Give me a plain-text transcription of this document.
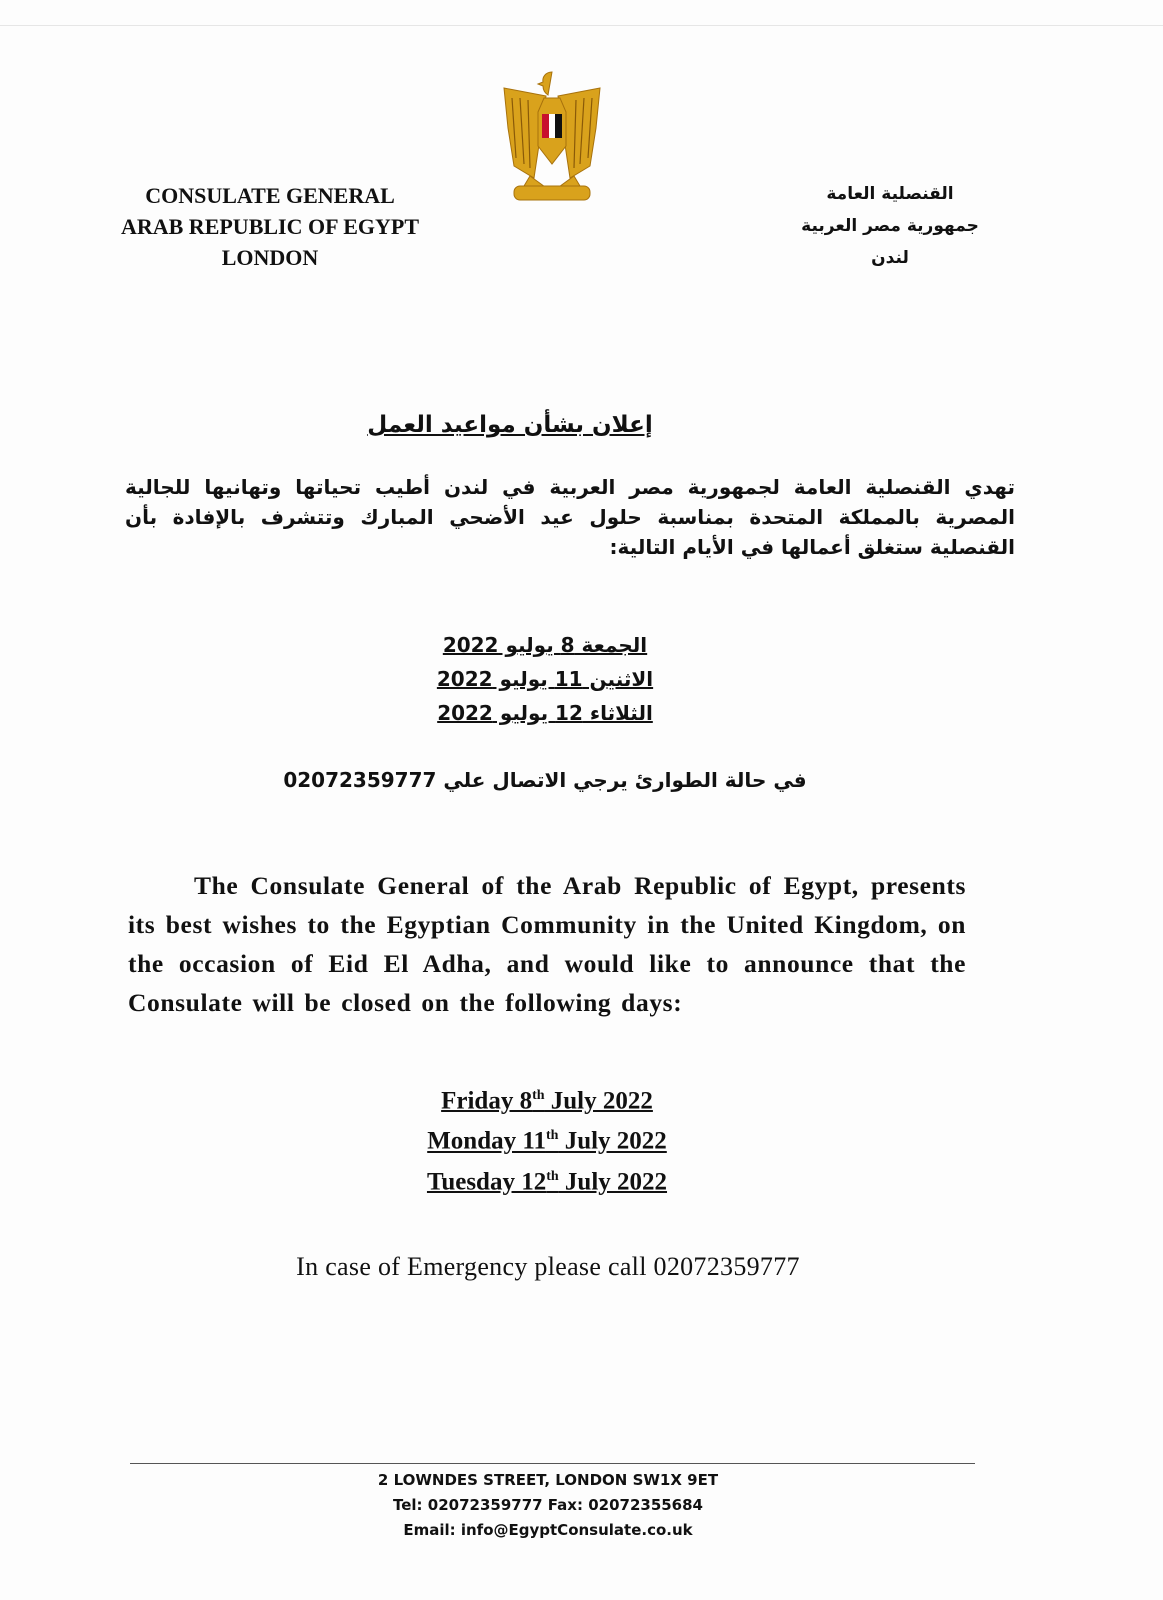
CONSULATE GENERAL
ARAB REPUBLIC OF EGYPT
LONDON
القنصلية العامة
جمهورية مصر العربية
لندن
إعلان بشأن مواعيد العمل
تهدي القنصلية العامة لجمهورية مصر العربية في لندن أطيب تحياتها وتهانيها للجالية المصرية بالمملكة المتحدة بمناسبة حلول عيد الأضحي المبارك وتتشرف بالإفادة بأن القنصلية ستغلق أعمالها في الأيام التالية:
الجمعة 8 يوليو 2022
الاثنين 11 يوليو 2022
الثلاثاء 12 يوليو 2022
في حالة الطوارئ يرجي الاتصال علي 02072359777
The Consulate General of the Arab Republic of Egypt, presents its best wishes to the Egyptian Community in the United Kingdom, on the occasion of Eid El Adha, and would like to announce that the Consulate will be closed on the following days:
Friday 8th July 2022
Monday 11th July 2022
Tuesday 12th July 2022
In case of Emergency please call 02072359777
2 LOWNDES STREET, LONDON SW1X 9ET
Tel: 02072359777 Fax: 02072355684
Email: info@EgyptConsulate.co.uk
